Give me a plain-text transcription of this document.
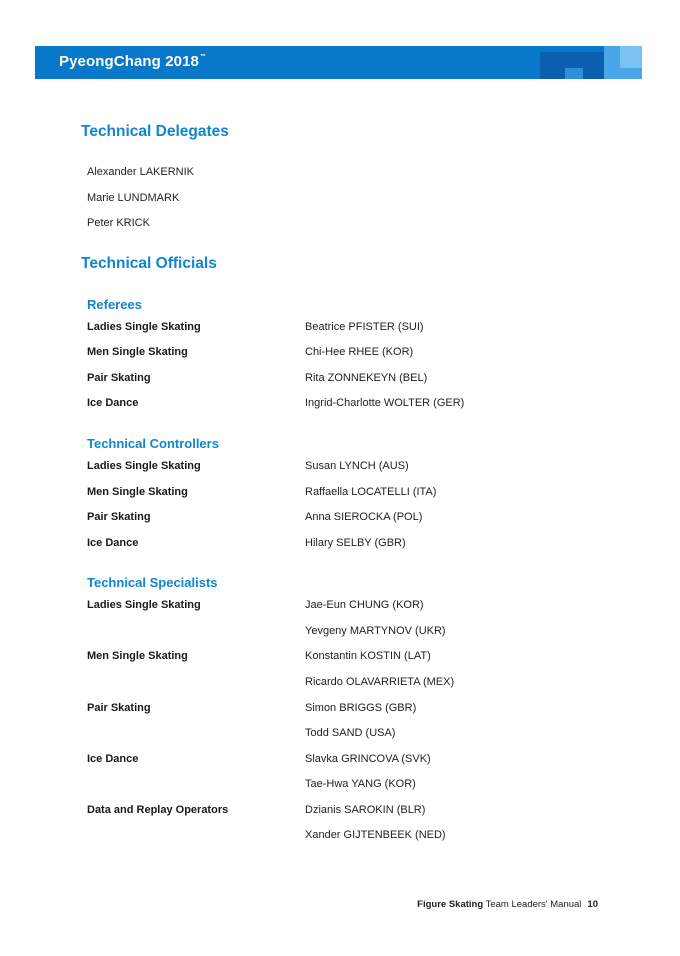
PyeongChang 2018™
Technical Delegates
Alexander LAKERNIK
Marie LUNDMARK
Peter KRICK
Technical Officials
Referees
Ladies Single Skating	Beatrice PFISTER (SUI)
Men Single Skating	Chi-Hee RHEE (KOR)
Pair Skating	Rita ZONNEKEYN (BEL)
Ice Dance	Ingrid-Charlotte WOLTER (GER)
Technical Controllers
Ladies Single Skating	Susan LYNCH (AUS)
Men Single Skating	Raffaella LOCATELLI (ITA)
Pair Skating	Anna SIEROCKA (POL)
Ice Dance	Hilary SELBY (GBR)
Technical Specialists
Ladies Single Skating	Jae-Eun CHUNG (KOR)
Yevgeny MARTYNOV (UKR)
Men Single Skating	Konstantin KOSTIN (LAT)
Ricardo OLAVARRIETA (MEX)
Pair Skating	Simon BRIGGS (GBR)
Todd SAND (USA)
Ice Dance	Slavka GRINCOVA (SVK)
Tae-Hwa YANG (KOR)
Data and Replay Operators	Dzianis SAROKIN (BLR)
Xander GIJTENBEEK (NED)
Figure Skating Team Leaders' Manual 10
